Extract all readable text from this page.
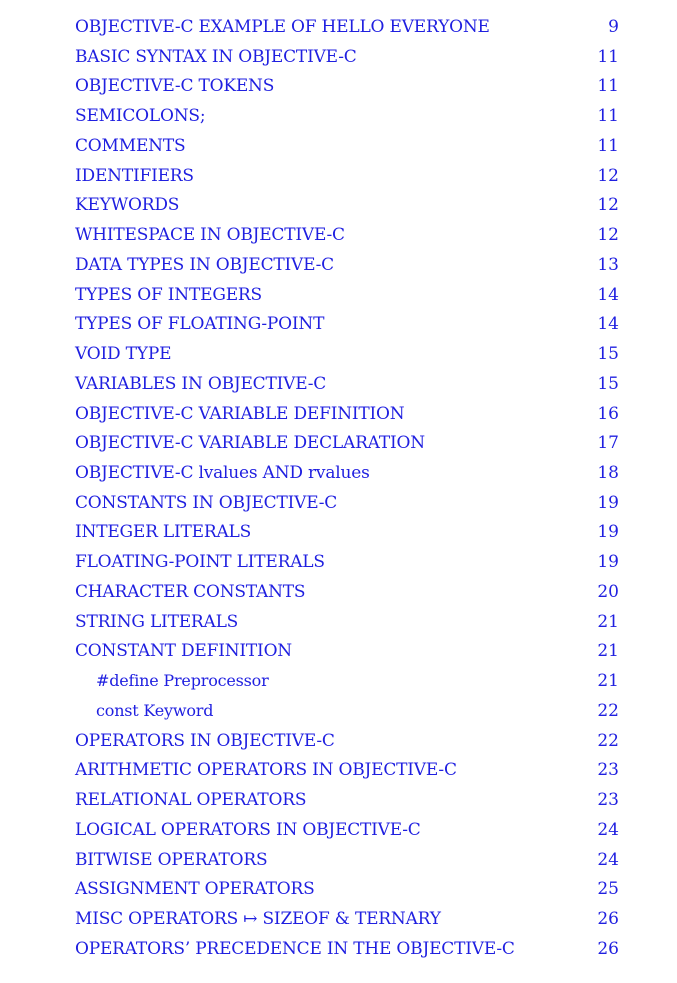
OBJECTIVE-C EXAMPLE OF HELLO EVERYONE	9
BASIC SYNTAX IN OBJECTIVE-C	11
OBJECTIVE-C TOKENS	11
SEMICOLONS;	11
COMMENTS	11
IDENTIFIERS	12
KEYWORDS	12
WHITESPACE IN OBJECTIVE-C	12
DATA TYPES IN OBJECTIVE-C	13
TYPES OF INTEGERS	14
TYPES OF FLOATING-POINT	14
VOID TYPE	15
VARIABLES IN OBJECTIVE-C	15
OBJECTIVE-C VARIABLE DEFINITION	16
OBJECTIVE-C VARIABLE DECLARATION	17
OBJECTIVE-C lvalues AND rvalues	18
CONSTANTS IN OBJECTIVE-C	19
INTEGER LITERALS	19
FLOATING-POINT LITERALS	19
CHARACTER CONSTANTS	20
STRING LITERALS	21
CONSTANT DEFINITION	21
#define Preprocessor	21
const Keyword	22
OPERATORS IN OBJECTIVE-C	22
ARITHMETIC OPERATORS IN OBJECTIVE-C	23
RELATIONAL OPERATORS	23
LOGICAL OPERATORS IN OBJECTIVE-C	24
BITWISE OPERATORS	24
ASSIGNMENT OPERATORS	25
MISC OPERATORS ↦ SIZEOF & TERNARY	26
OPERATORS’ PRECEDENCE IN THE OBJECTIVE-C	26
